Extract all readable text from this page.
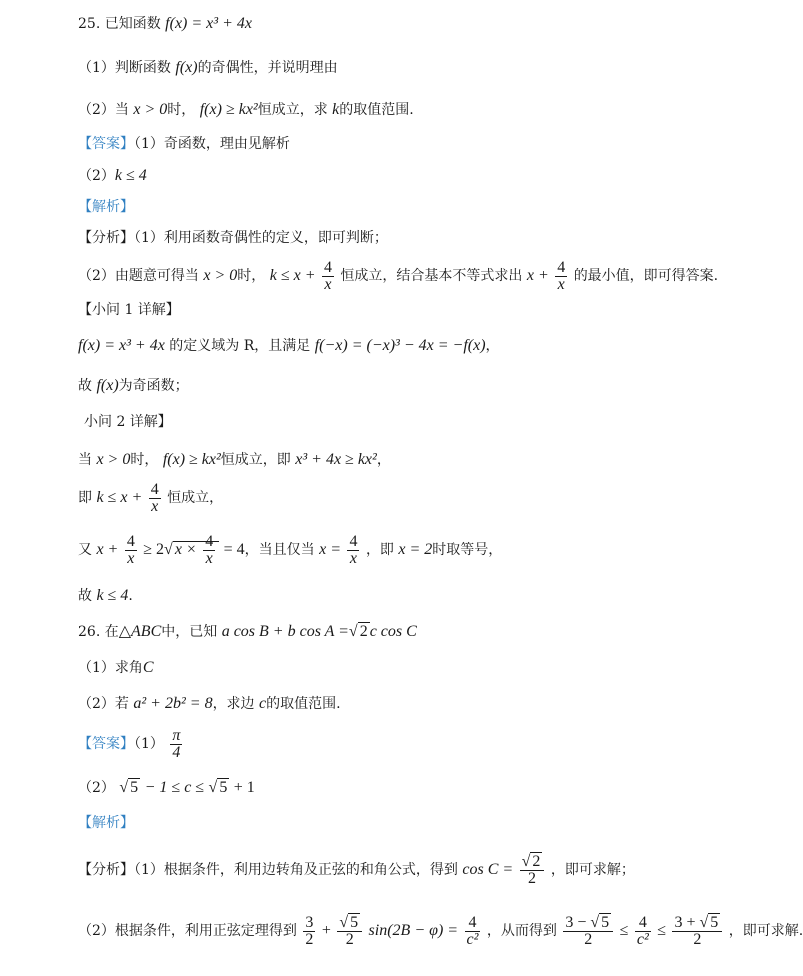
25. 已知函数 f(x) = x³ + 4x
（1）判断函数 f(x)的奇偶性，并说明理由
（2）当 x > 0时， f(x) ≥ kx²恒成立，求 k的取值范围.
【答案】（1）奇函数，理由见解析
（2）k ≤ 4
【解析】
【分析】（1）利用函数奇偶性的定义，即可判断；
（2）由题意可得当 x > 0时， $k \le x + \frac{4}{x}$ 恒成立，结合基本不等式求出 $x + \frac{4}{x}$ 的最小值，即可得答案.
【小问 1 详解】
f(x) = x³ + 4x 的定义域为 R，且满足 f(−x) = (−x)³ − 4x = −f(x)，
故 f(x)为奇函数；
小问 2 详解】
当 x > 0时， f(x) ≥ kx²恒成立，即 x³ + 4x ≥ kx²，
即 $k \le x + \frac{4}{x}$ 恒成立，
又 $x + \frac{4}{x} \ge 2√$ $x \times \frac{4}{x} = 4$，当且仅当 $x = \frac{4}{x}$ ，即 x = 2时取等号，
故 k ≤ 4.
26. 在△ABC中，已知 a cos B + b cos A =√ 2 c cos C
（1）求角C
（2）若 a² + 2b² = 8，求边 c的取值范围.
【答案】$(1) \frac{\pi}{4}$
（2） √ 5 − 1 ≤ c ≤ √ 5 + 1
【解析】
【分析】（1）根据条件，利用边转角及正弦的和角公式，得到 $\cos C = \frac{√ 2}{2}$ ，即可求解；
（2）根据条件，利用正弦定理得到 $\frac{3}{2} + \frac{√ 5}{2} \sin(2B - \varphi) = \frac{4}{\text{c²}}$ ，从而得到 $\frac{3 - √ 5}{2} \le \frac{4}{\text{c²}} \le \frac{3 + √ 5}{2}$ ，即可求解.
